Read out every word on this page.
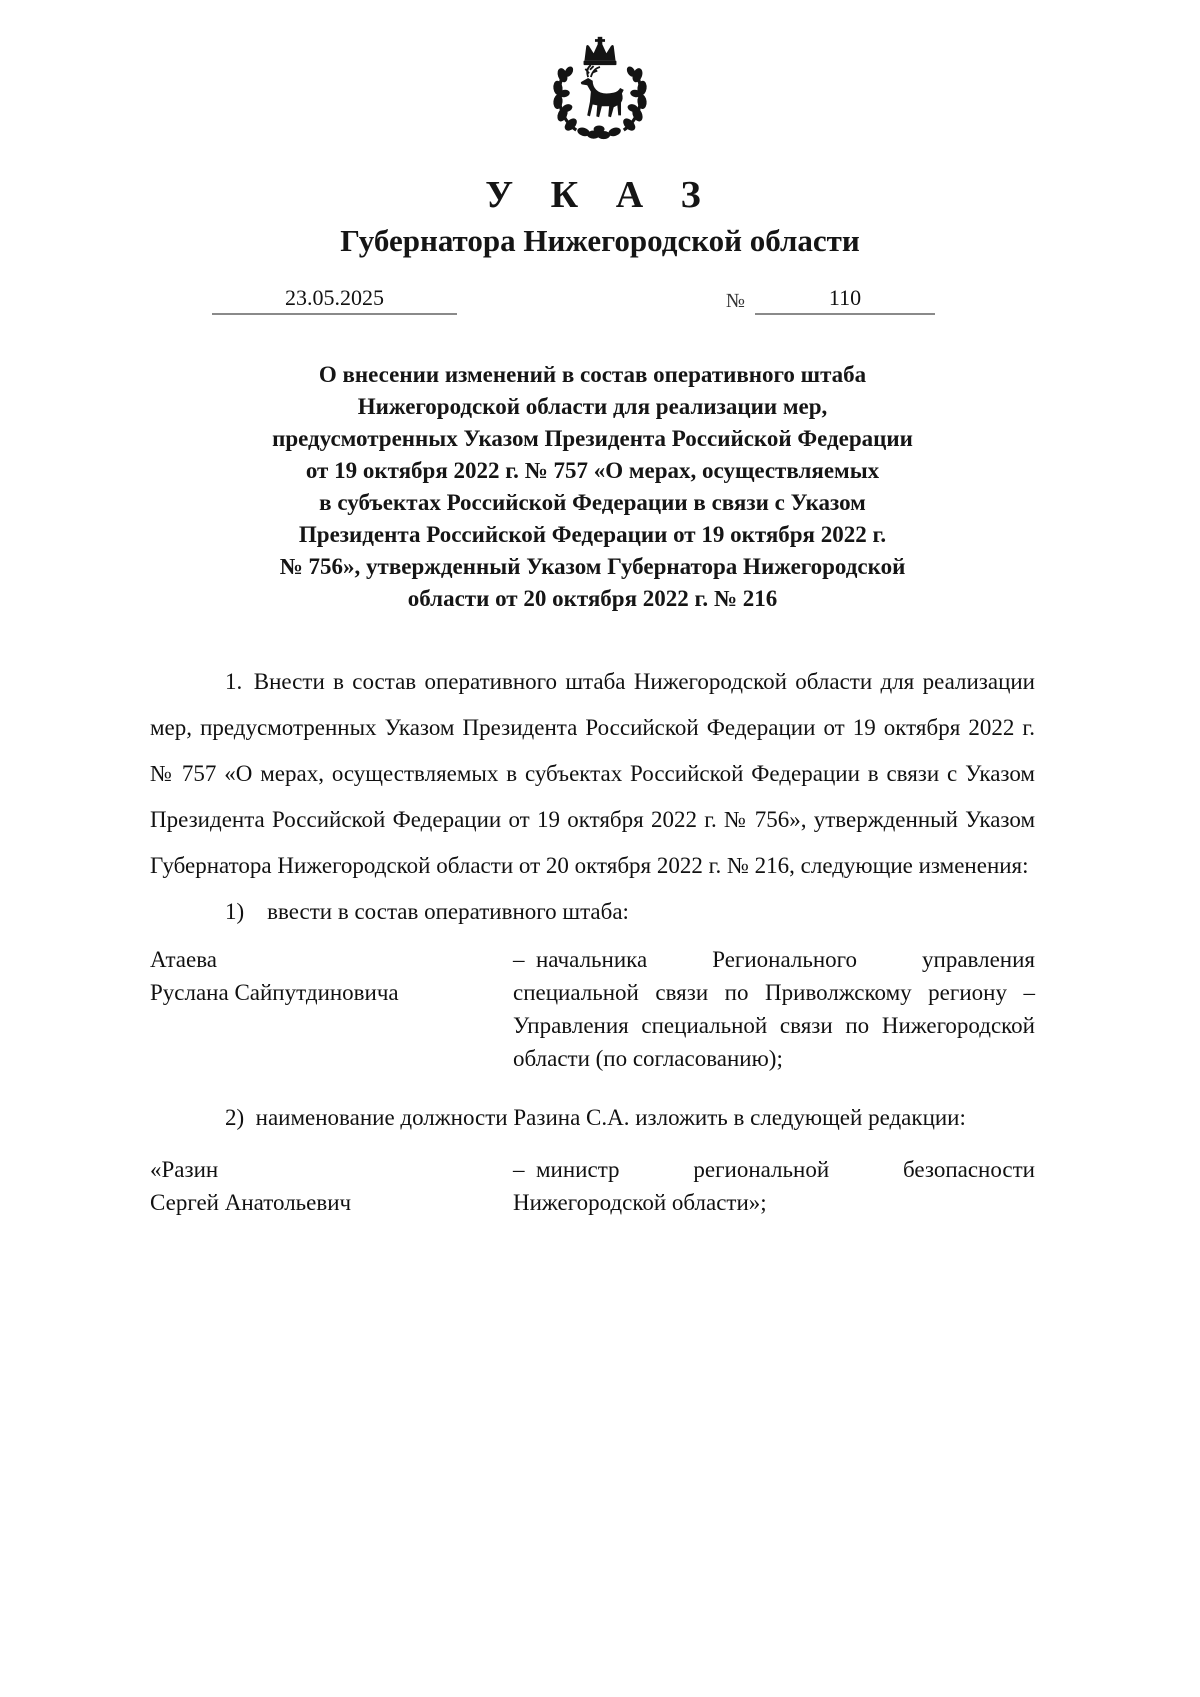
У К А З
Губернатора Нижегородской области
23.05.2025	№	110
О внесении изменений в состав оперативного штаба
Нижегородской области для реализации мер,
предусмотренных Указом Президента Российской Федерации
от 19 октября 2022 г. № 757 «О мерах, осуществляемых
в субъектах Российской Федерации в связи с Указом
Президента Российской Федерации от 19 октября 2022 г.
№ 756», утвержденный Указом Губернатора Нижегородской
области от 20 октября 2022 г. № 216

1. Внести в состав оперативного штаба Нижегородской области для реализации мер, предусмотренных Указом Президента Российской Федерации от 19 октября 2022 г. № 757 «О мерах, осуществляемых в субъектах Российской Федерации в связи с Указом Президента Российской Федерации от 19 октября 2022 г. № 756», утвержденный Указом Губернатора Нижегородской области от 20 октября 2022 г. № 216, следующие изменения:

1) ввести в состав оперативного штаба:

Атаева
Руслана Сайпутдиновича
– начальника Регионального управления специальной связи по Приволжскому региону – Управления специальной связи по Нижегородской области (по согласованию);

2) наименование должности Разина С.А. изложить в следующей редакции:

«Разин
Сергей Анатольевич
– министр региональной безопасности Нижегородской области»;
